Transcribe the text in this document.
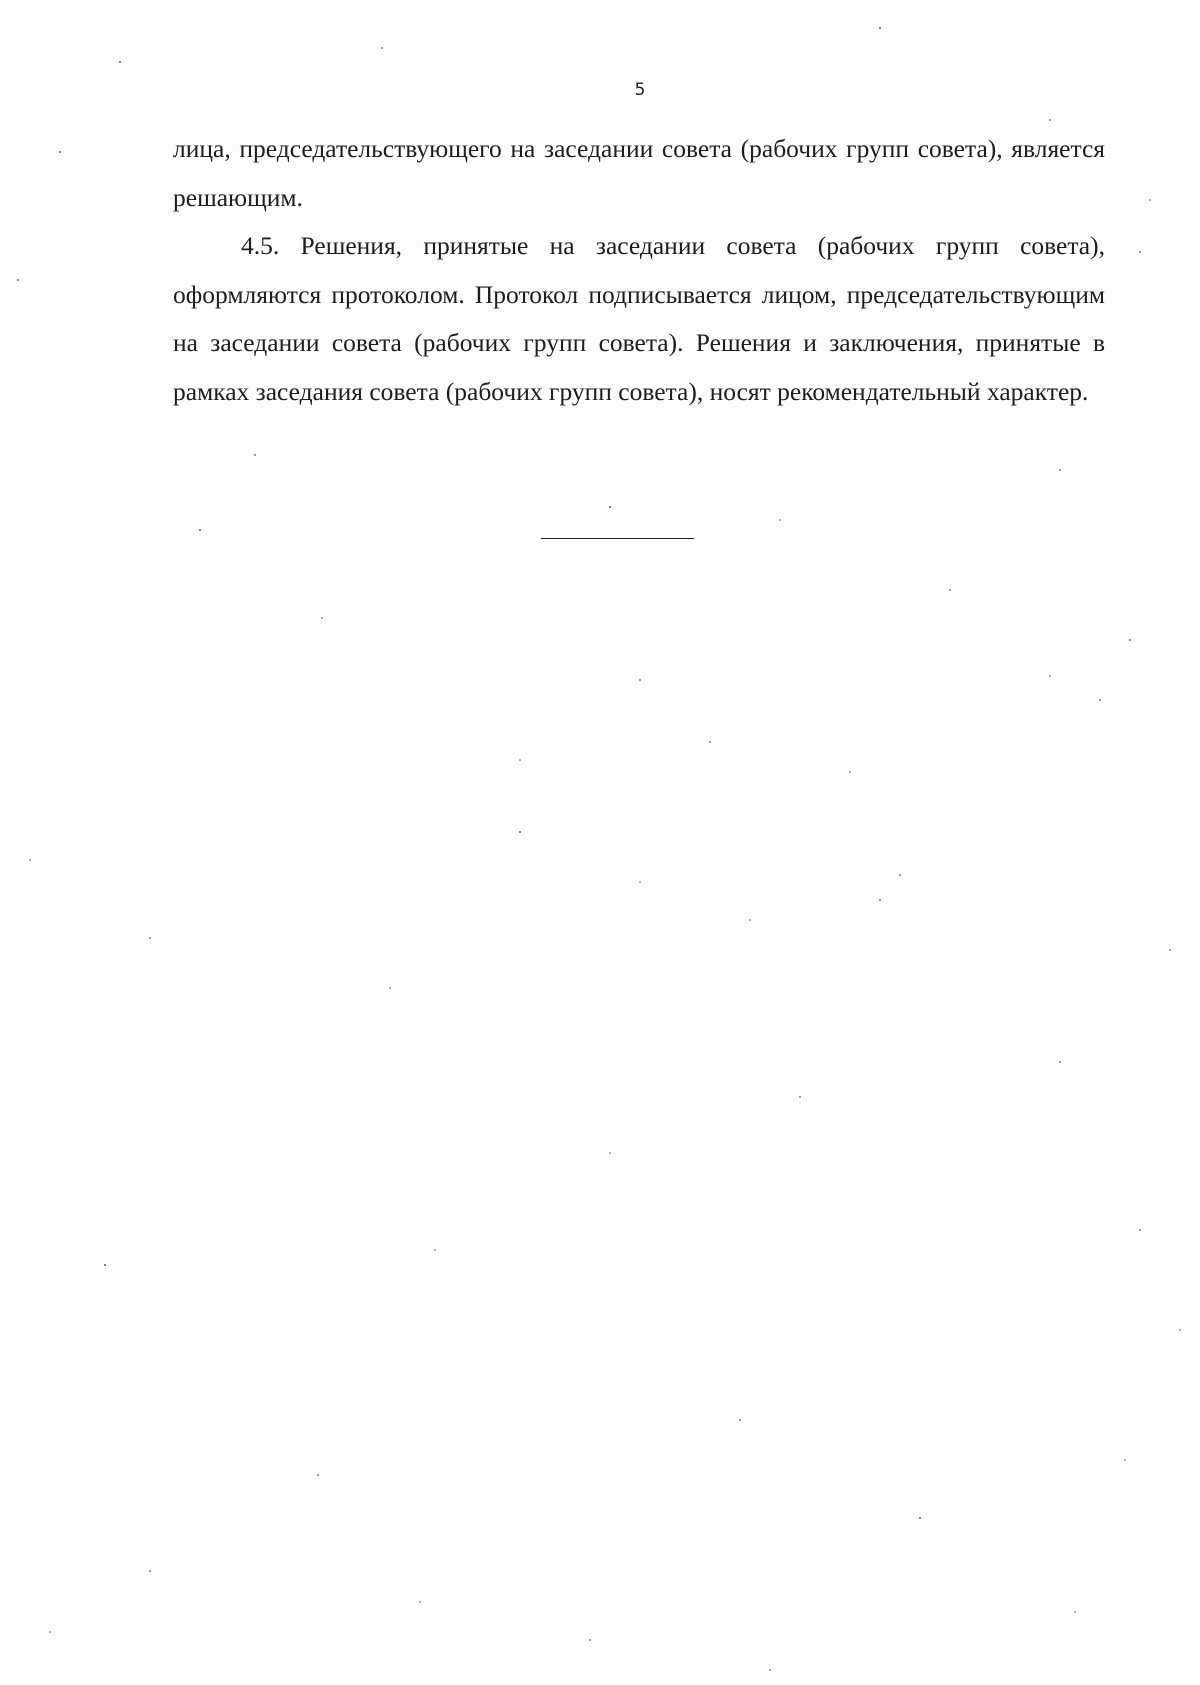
5

лица, председательствующего на заседании совета (рабочих групп совета), является решающим.

4.5. Решения, принятые на заседании совета (рабочих групп совета), оформляются протоколом. Протокол подписывается лицом, председательствующим на заседании совета (рабочих групп совета). Решения и заключения, принятые в рамках заседания совета (рабочих групп совета), носят рекомендательный характер.
